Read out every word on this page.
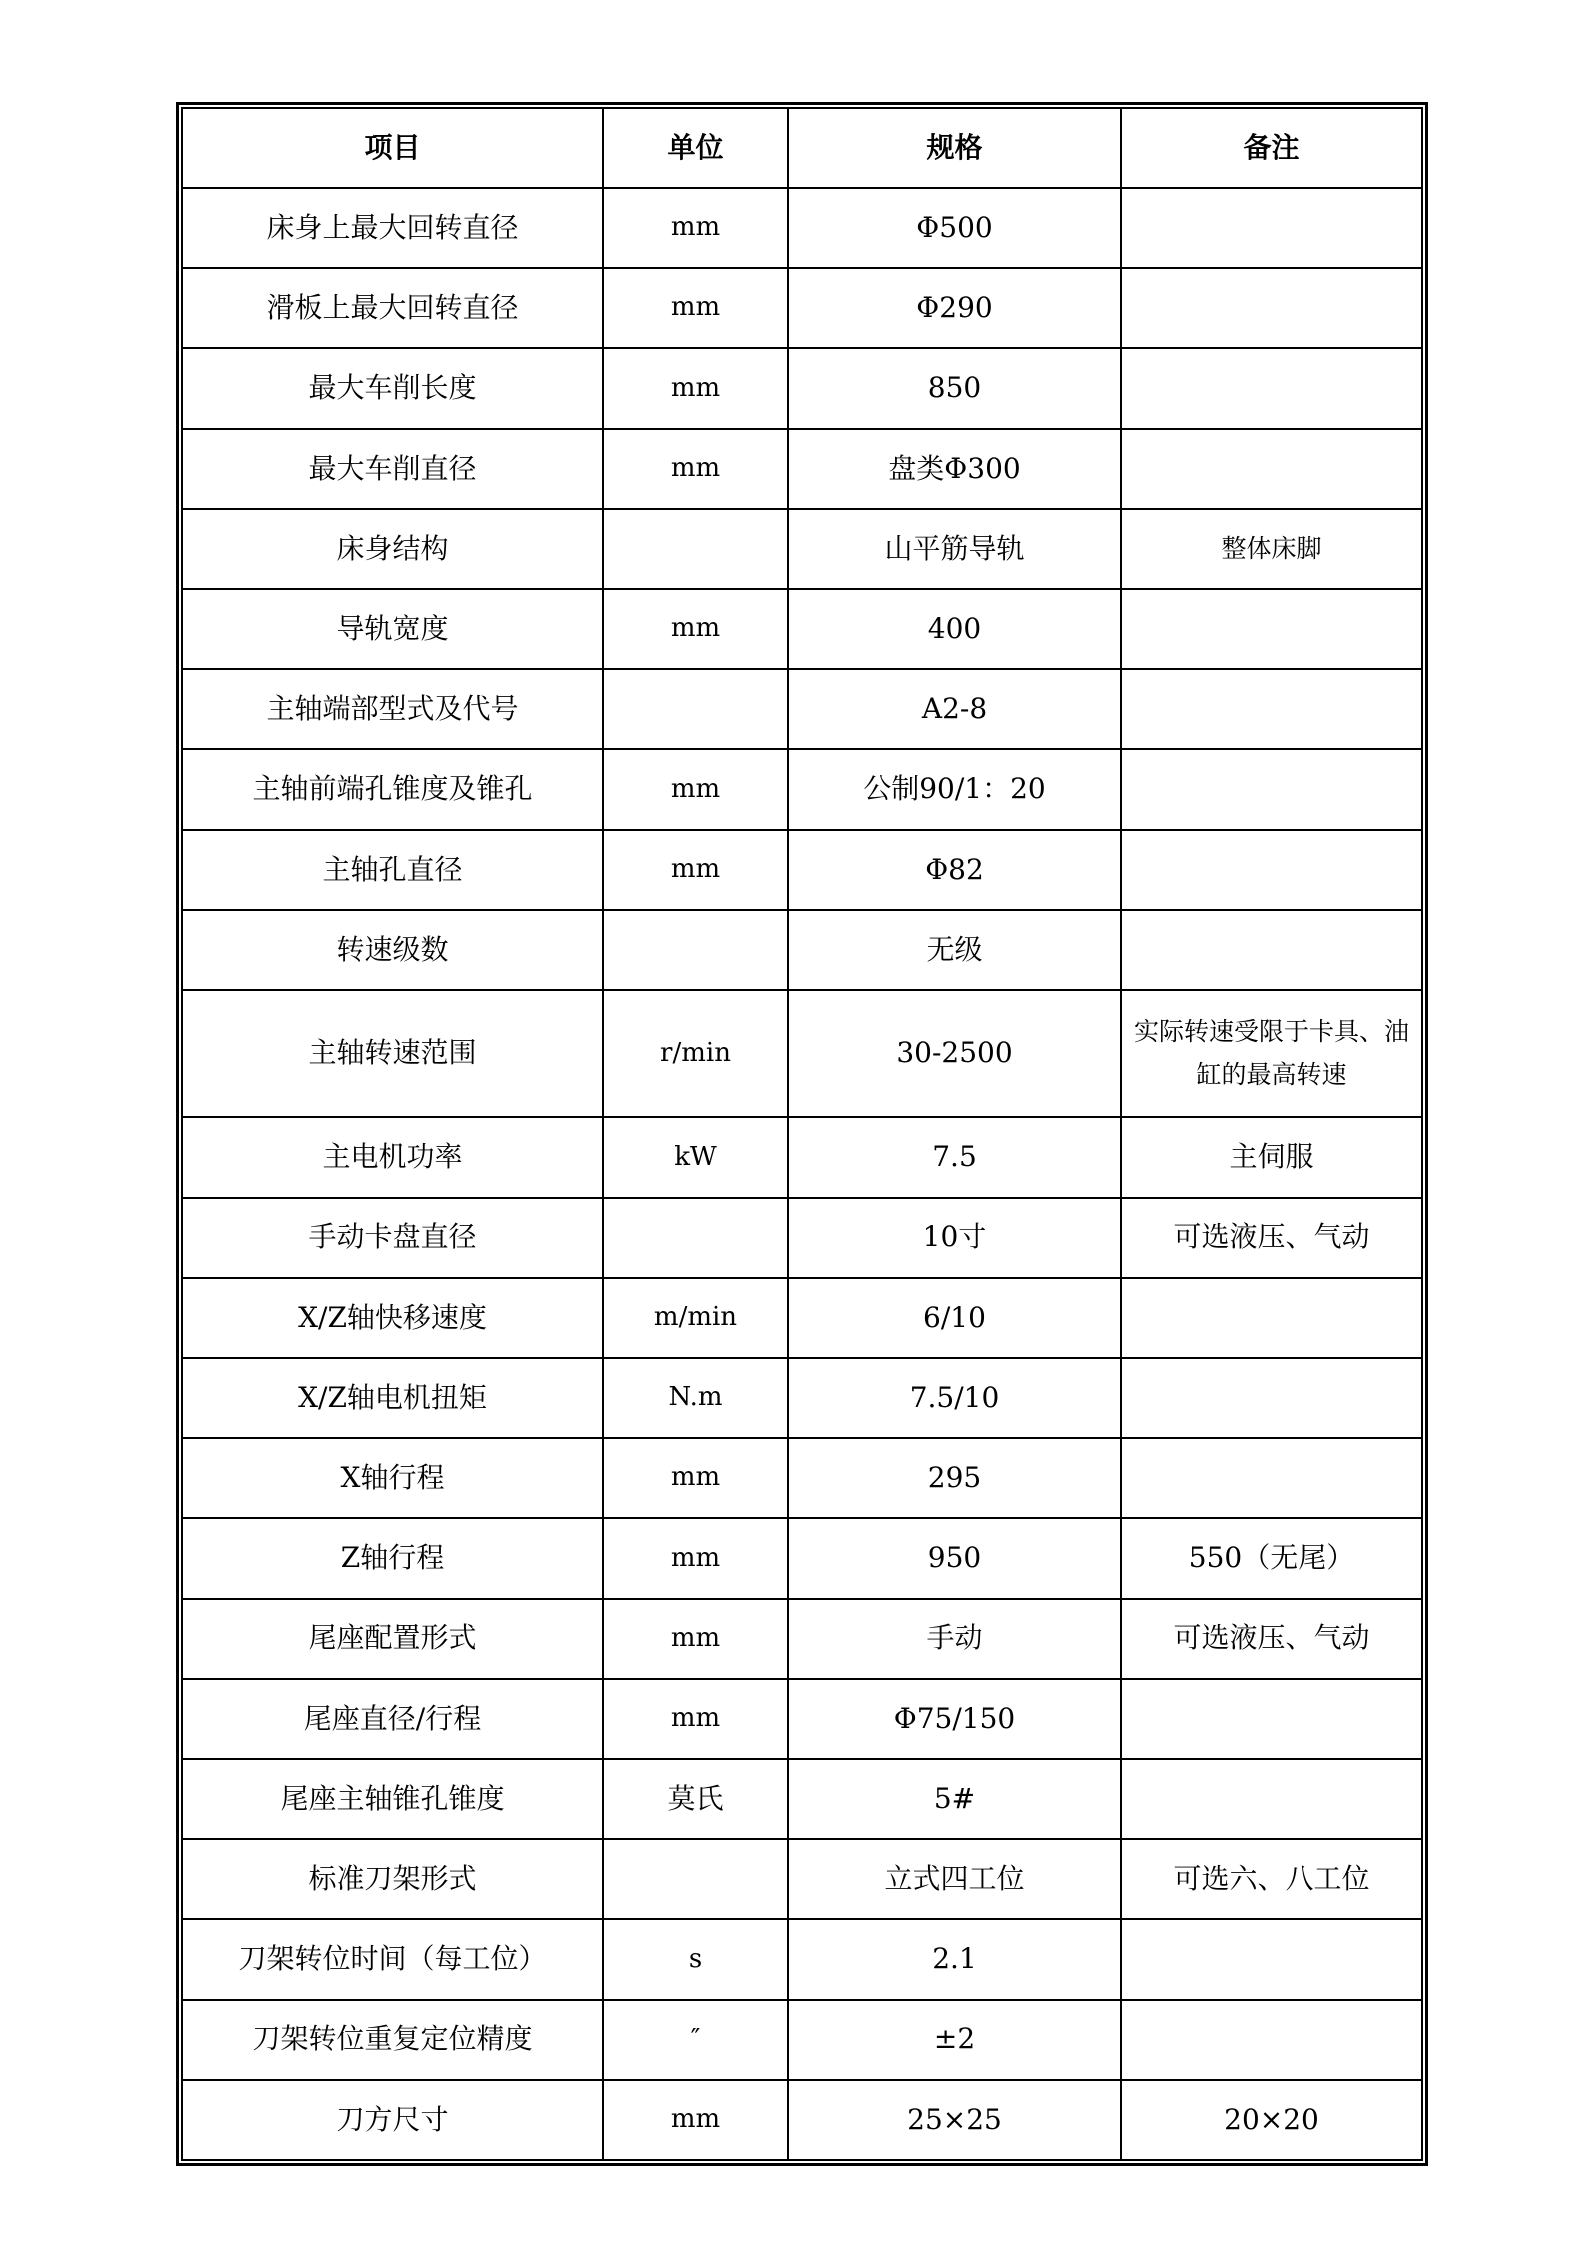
项目	单位	规格	备注
床身上最大回转直径	mm	Φ500	
滑板上最大回转直径	mm	Φ290	
最大车削长度	mm	850	
最大车削直径	mm	盘类Φ300	
床身结构		山平筋导轨	整体床脚
导轨宽度	mm	400	
主轴端部型式及代号		A2-8	
主轴前端孔锥度及锥孔	mm	公制90/1：20	
主轴孔直径	mm	Φ82	
转速级数		无级	
主轴转速范围	r/min	30-2500	实际转速受限于卡具、油缸的最高转速
主电机功率	kW	7.5	主伺服
手动卡盘直径		10寸	可选液压、气动
X/Z轴快移速度	m/min	6/10	
X/Z轴电机扭矩	N.m	7.5/10	
X轴行程	mm	295	
Z轴行程	mm	950	550（无尾）
尾座配置形式	mm	手动	可选液压、气动
尾座直径/行程	mm	Φ75/150	
尾座主轴锥孔锥度	莫氏	5#	
标准刀架形式		立式四工位	可选六、八工位
刀架转位时间（每工位）	s	2.1	
刀架转位重复定位精度	″	±2	
刀方尺寸	mm	25×25	20×20
